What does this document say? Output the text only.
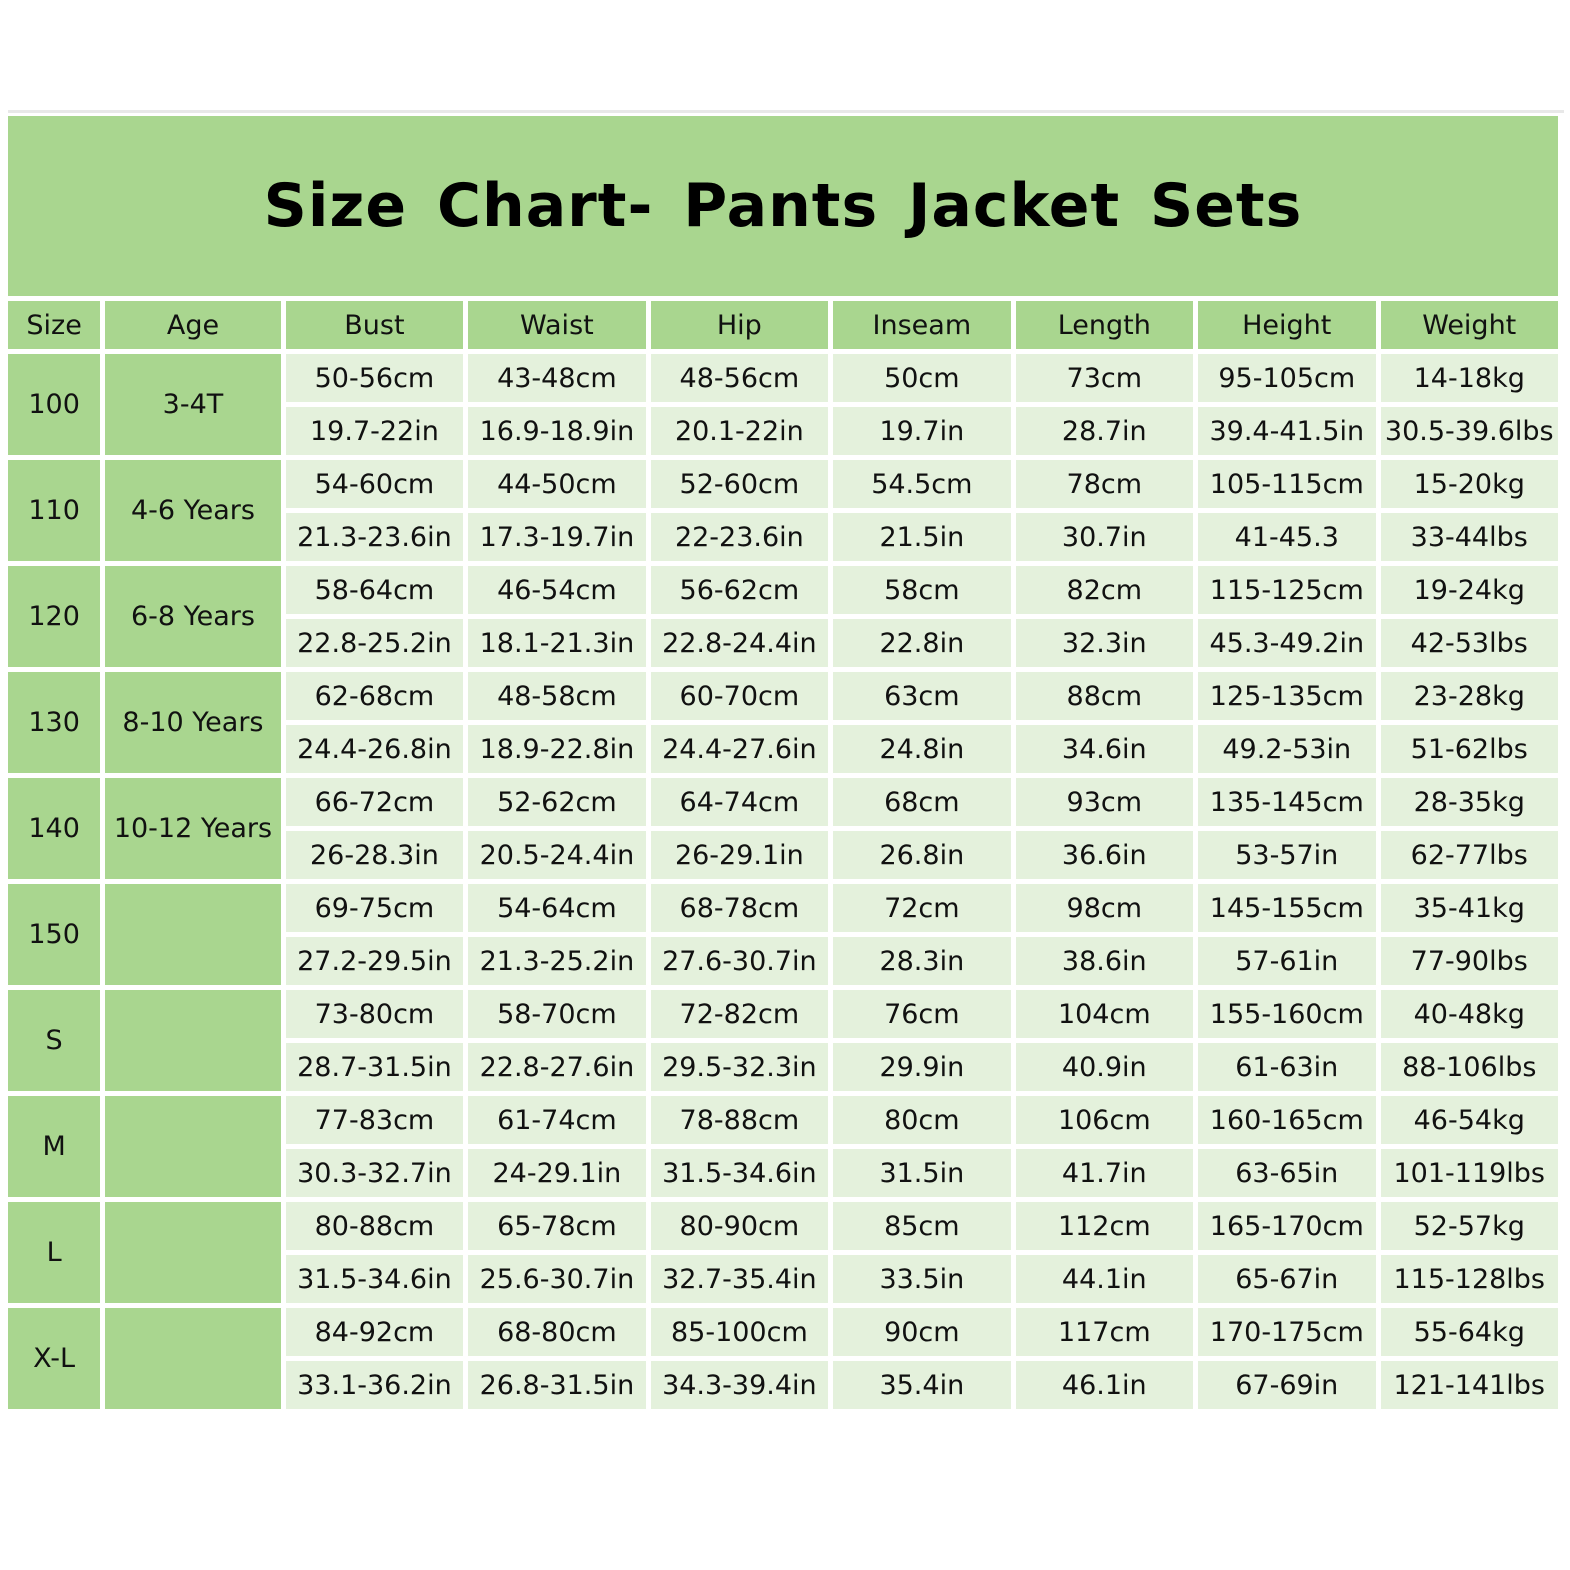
Size Chart- Pants Jacket Sets
Size	Age	Bust	Waist	Hip	Inseam	Length	Height	Weight
100	3-4T	50-56cm	43-48cm	48-56cm	50cm	73cm	95-105cm	14-18kg
		19.7-22in	16.9-18.9in	20.1-22in	19.7in	28.7in	39.4-41.5in	30.5-39.6lbs
110	4-6 Years	54-60cm	44-50cm	52-60cm	54.5cm	78cm	105-115cm	15-20kg
		21.3-23.6in	17.3-19.7in	22-23.6in	21.5in	30.7in	41-45.3	33-44lbs
120	6-8 Years	58-64cm	46-54cm	56-62cm	58cm	82cm	115-125cm	19-24kg
		22.8-25.2in	18.1-21.3in	22.8-24.4in	22.8in	32.3in	45.3-49.2in	42-53lbs
130	8-10 Years	62-68cm	48-58cm	60-70cm	63cm	88cm	125-135cm	23-28kg
		24.4-26.8in	18.9-22.8in	24.4-27.6in	24.8in	34.6in	49.2-53in	51-62lbs
140	10-12 Years	66-72cm	52-62cm	64-74cm	68cm	93cm	135-145cm	28-35kg
		26-28.3in	20.5-24.4in	26-29.1in	26.8in	36.6in	53-57in	62-77lbs
150		69-75cm	54-64cm	68-78cm	72cm	98cm	145-155cm	35-41kg
		27.2-29.5in	21.3-25.2in	27.6-30.7in	28.3in	38.6in	57-61in	77-90lbs
S		73-80cm	58-70cm	72-82cm	76cm	104cm	155-160cm	40-48kg
		28.7-31.5in	22.8-27.6in	29.5-32.3in	29.9in	40.9in	61-63in	88-106lbs
M		77-83cm	61-74cm	78-88cm	80cm	106cm	160-165cm	46-54kg
		30.3-32.7in	24-29.1in	31.5-34.6in	31.5in	41.7in	63-65in	101-119lbs
L		80-88cm	65-78cm	80-90cm	85cm	112cm	165-170cm	52-57kg
		31.5-34.6in	25.6-30.7in	32.7-35.4in	33.5in	44.1in	65-67in	115-128lbs
X-L		84-92cm	68-80cm	85-100cm	90cm	117cm	170-175cm	55-64kg
		33.1-36.2in	26.8-31.5in	34.3-39.4in	35.4in	46.1in	67-69in	121-141lbs
